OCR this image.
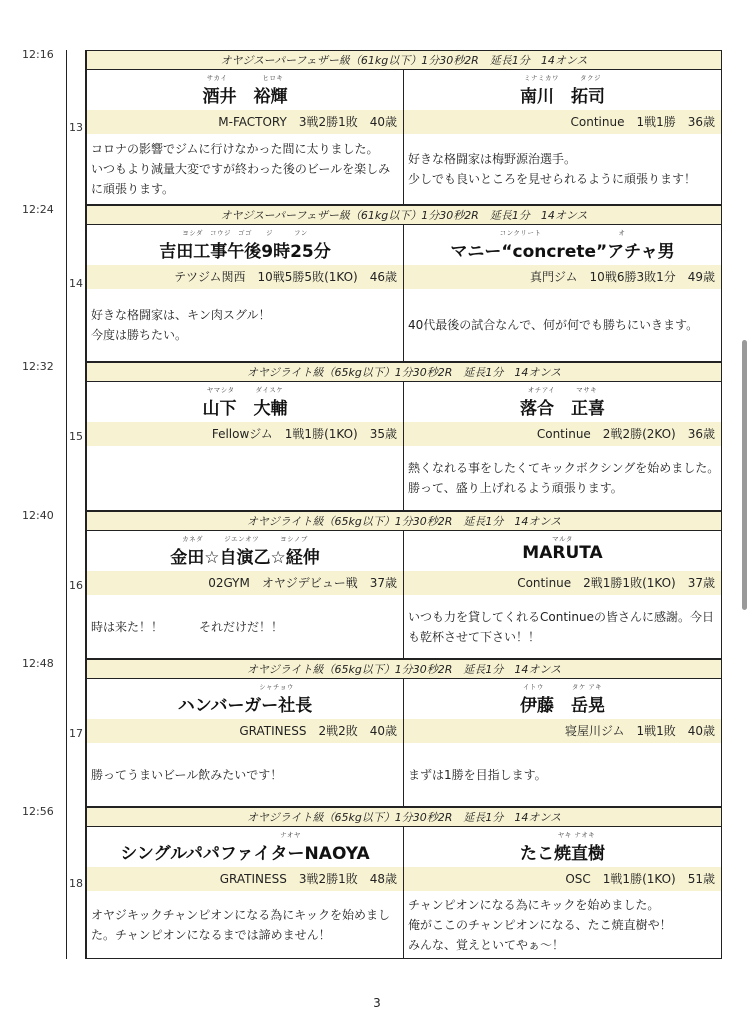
12:16
13
オヤジスーパーフェザー級（61kg以下）1分30秒2R　延長1分　14オンス
サカイ　　　　　ヒロキ
酒井　裕輝
M-FACTORY　3戦2勝1敗　40歳
コロナの影響でジムに行けなかった間に太りました。
いつもより減量大変ですが終わった後のビールを楽しみに頑張ります。
ミナミカワ　　　タクジ
南川　拓司
Continue　1戦1勝　36歳
好きな格闘家は梅野源治選手。
少しでも良いところを見せられるように頑張ります！
12:24
14
オヤジスーパーフェザー級（61kg以下）1分30秒2R　延長1分　14オンス
ヨシダ　コウジ　ゴゴ　　ジ　　　フン
吉田工事午後9時25分
テツジム関西　10戦5勝5敗(1KO)　46歳
好きな格闘家は、キン肉スグル！
今度は勝ちたい。
コンクリート　　　　　　　　　　　オ
マニー“concrete”アチャ男
真門ジム　10戦6勝3敗1分　49歳
40代最後の試合なんで、何が何でも勝ちにいきます。
12:32
15
オヤジライト級（65kg以下）1分30秒2R　延長1分　14オンス
ヤマシタ　　　ダイスケ
山下　大輔
Fellowジム　1戦1勝(1KO)　35歳
オチアイ　　　マサキ
落合　正喜
Continue　2戦2勝(2KO)　36歳
熱くなれる事をしたくてキックボクシングを始めました。　勝って、盛り上げれるよう頑張ります。
12:40
16
オヤジライト級（65kg以下）1分30秒2R　延長1分　14オンス
カネダ　　　ジエンオツ　　　ヨシノブ
金田☆自演乙☆経伸
02GYM　オヤジデビュー戦　37歳
時は来た！！　　　それだけだ！！
マルタ
MARUTA
Continue　2戦1勝1敗(1KO)　37歳
いつも力を貸してくれるContinueの皆さんに感謝。今日も乾杯させて下さい！！
12:48
17
オヤジライト級（65kg以下）1分30秒2R　延長1分　14オンス
　　　　　　　　　シャチョウ
ハンバーガー社長
GRATINESS　2戦2敗　40歳
勝ってうまいビール飲みたいです！
イトウ　　　　タケ アキ
伊藤　岳晃
寝屋川ジム　1戦1敗　40歳
まずは1勝を目指します。
12:56
18
オヤジライト級（65kg以下）1分30秒2R　延長1分　14オンス
　　　　　　　　　　　　　ナオヤ
シングルパパファイターNAOYA
GRATINESS　3戦2勝1敗　48歳
オヤジキックチャンピオンになる為にキックを始めました。チャンピオンになるまでは諦めません！
　　　　ヤキ ナオキ
たこ焼直樹
OSC　1戦1勝(1KO)　51歳
チャンピオンになる為にキックを始めました。
俺がここのチャンピオンになる、たこ焼直樹や！
みんな、覚えといてやぁ～！
3
